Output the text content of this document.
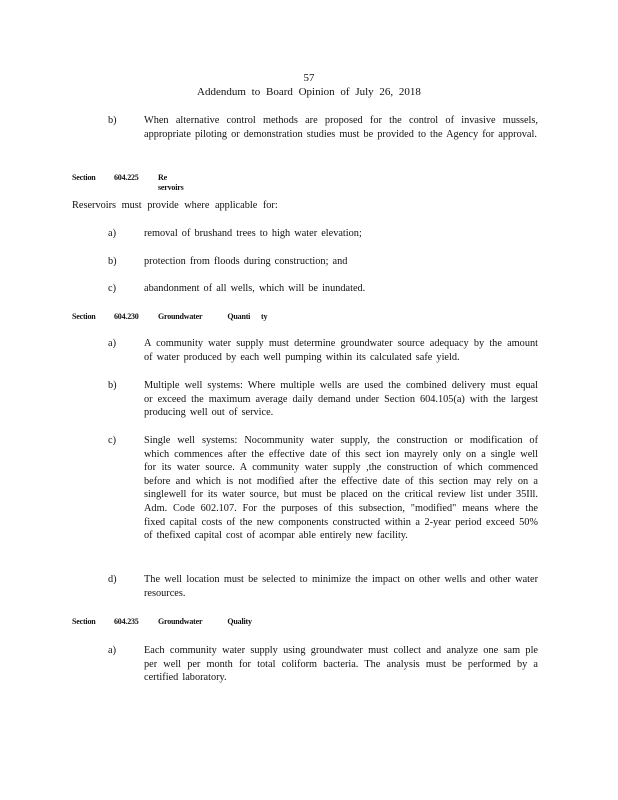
57
Addendum to Board Opinion of July 26, 2018
b)	When alternative control methods are proposed for the control of invasive mussels, appropriate piloting or demonstration studies must be provided to the Agency for approval.
Section 604.225 Re servoirs
Reservoirs must provide where applicable for:
a)	removal of brushand trees to high water elevation;
b)	protection from floods during construction; and
c)	abandonment of all wells, which will be inundated.
Section 604.230 Groundwater              Quanti      ty
a)	A community water supply must determine groundwater source adequacy by the amount of water produced by each well pumping within its calculated safe yield.
b)	Multiple well systems: Where multiple wells are used the combined delivery must equal or exceed the maximum average daily demand under Section 604.105(a) with the largest producing well out of service.
c)	Single well systems: Nocommunity water supply, the construction or modification of which commences after the effective date of this sect ion mayrely only on a single well for its water source. A community water supply ,the construction of which commenced before and which is not modified after the effective date of this section may rely on a singlewell for its water source, but must be placed on the critical review list under 35Ill. Adm. Code 602.107. For the purposes of this subsection, "modified" means where the fixed capital costs of the new components constructed within a 2-year period exceed 50% of thefixed capital cost of acompar able entirely new facility.
d)	The well location must be selected to minimize the impact on other wells and other water resources.
Section 604.235 Groundwater              Quality
a)	Each community water supply using groundwater must collect and analyze one sam ple per well per month for total coliform bacteria. The analysis must be performed by a certified laboratory.
